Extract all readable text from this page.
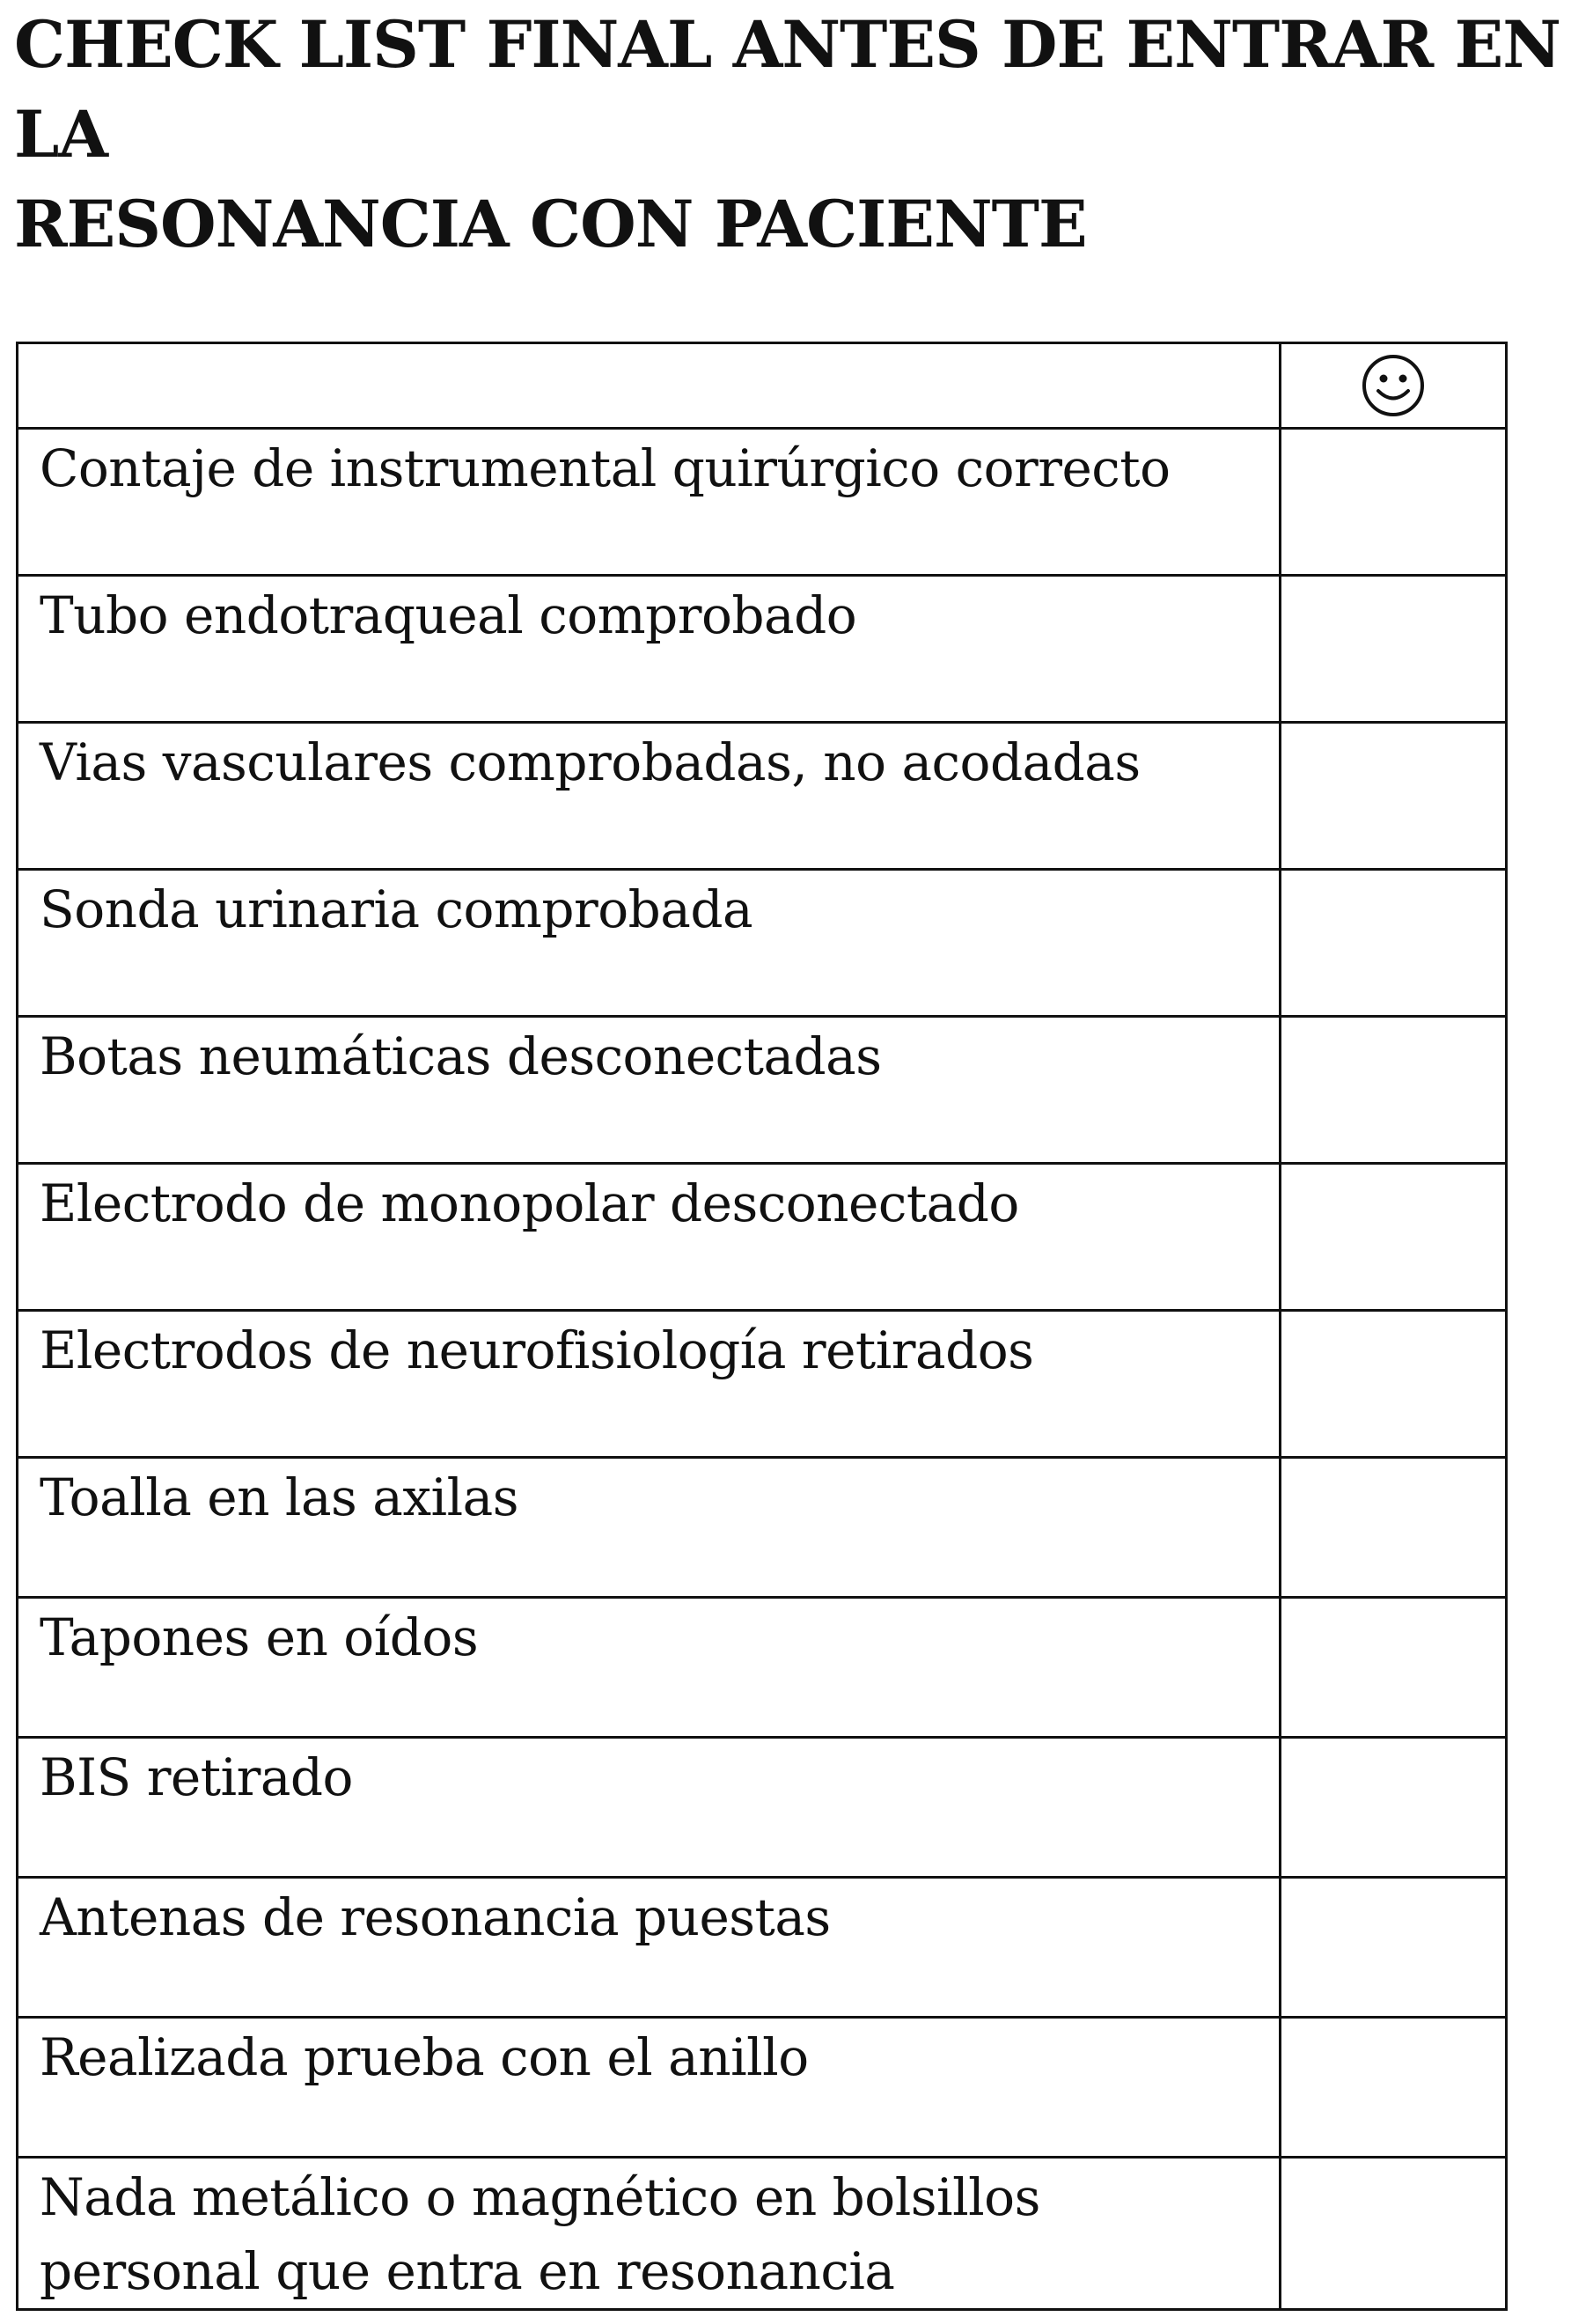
CHECK LIST FINAL ANTES DE ENTRAR EN LA
RESONANCIA CON PACIENTE

Contaje de instrumental quirúrgico correcto	

Tubo endotraqueal comprobado	

Vias vasculares comprobadas, no acodadas	

Sonda urinaria comprobada	

Botas neumáticas desconectadas	

Electrodo de monopolar desconectado	

Electrodos de neurofisiología retirados	

Toalla en las axilas	

Tapones en oídos	

BIS retirado	

Antenas de resonancia puestas	

Realizada prueba con el anillo	

Nada metálico o magnético en bolsillos
personal que entra en resonancia	
